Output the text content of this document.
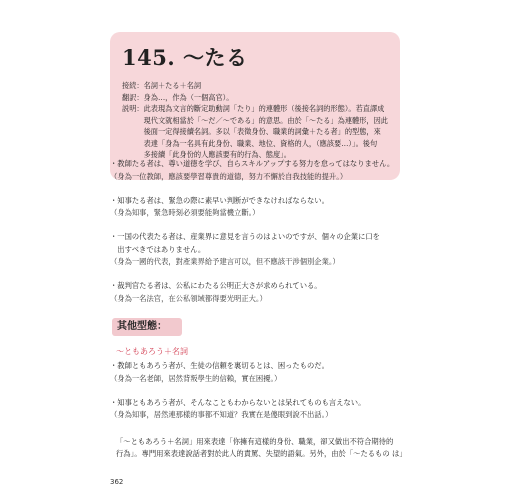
145. ～たる
接続：名詞＋たる＋名詞
翻訳：身為…，作為（一個高官）。
説明： 此表現為文言的斷定助動詞「たり」的連體形（後接名詞的形態）。若直譯成
現代文就相當於「～だ／～である」的意思。由於「～たる」為連體形，因此
後面一定得接續名詞。多以「表徵身份、職業的詞彙＋たる者」的型態，來
表達「身為一名具有此身份、職業、地位、資格的人，（應該要…）」。後句
多接續「此身份的人應該要有的行為、態度」。
・教師たる者は、尊い道徳を学び、自らスキルアップする努力を怠ってはなりません。
（身為一位教師，應該要學習尊貴的道德，努力不懈於自我技能的提升。）
・知事たる者は、緊急の際に素早い判断ができなければならない。
（身為知事，緊急時刻必須要能夠當機立斷。）
・一国の代表たる者は、産業界に意見を言うのはよいのですが、個々の企業に口を
　出すべきではありません。
（身為一國的代表，對產業界給予建言可以，但不應該干涉個別企業。）
・裁判官たる者は、公私にわたる公明正大さが求められている。
（身為一名法官，在公私領域都得要光明正大。）
其他型態：
～ともあろう＋名詞
・教師ともあろう者が、生徒の信頼を裏切るとは、困ったものだ。
（身為一名老師，居然背叛學生的信賴，實在困擾。）
・知事ともあろう者が、そんなこともわからないとは呆れてものも言えない。
（身為知事，居然連那樣的事都不知道？我實在是傻眼到說不出話。）
「～ともあろう＋名詞」用來表達「你擁有這樣的身份、職業，卻又做出不符合期待的
行為」。專門用來表達說話者對於此人的責罵、失望的語氣。另外，由於「～たるもの は」
362
